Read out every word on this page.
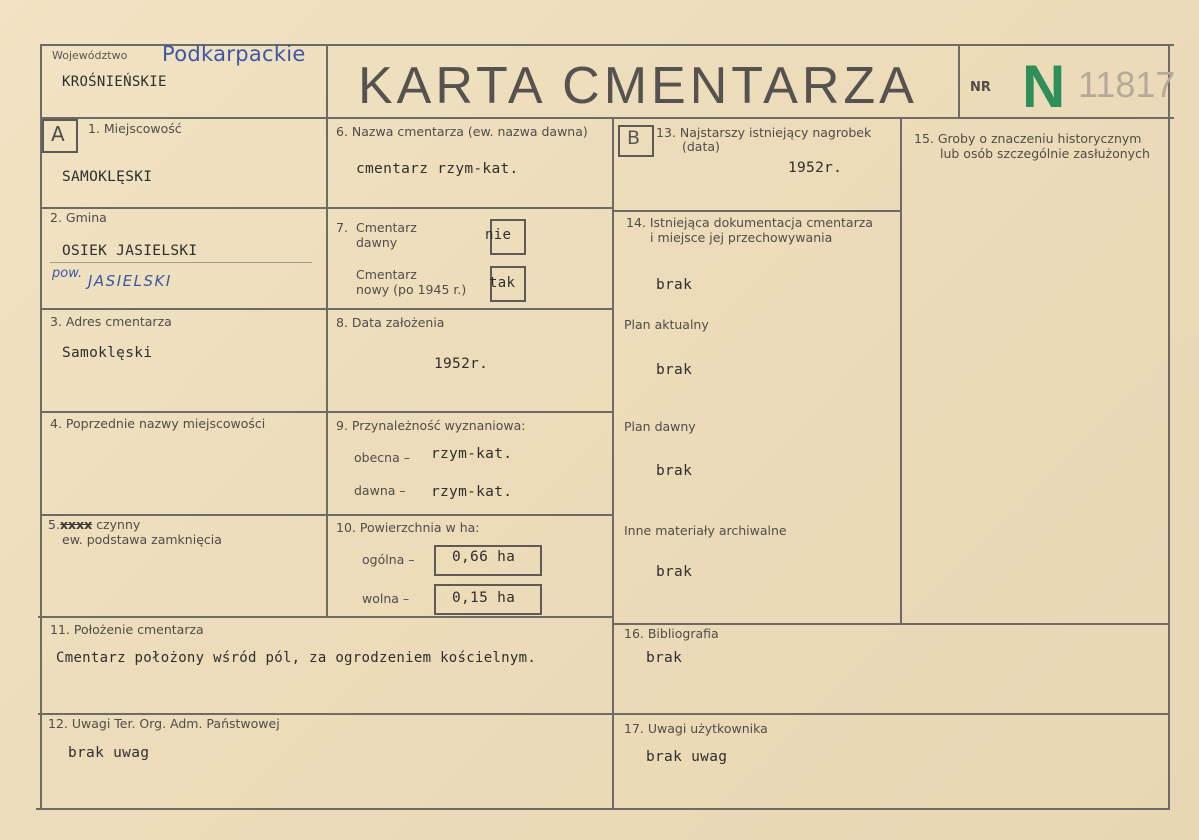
Województwo Podkarpackie
KROŚNIEŃSKIE	KARTA CMENTARZA	NR N 11817
A 1. Miejscowość
SAMOKLĘSKI
2. Gmina
OSIEK JASIELSKI
pow. JASIELSKI
3. Adres cmentarza
Samoklęski
4. Poprzednie nazwy miejscowości
5.xxxx czynny
ew. podstawa zamknięcia
11. Położenie cmentarza
Cmentarz położony wśród pól, za ogrodzeniem kościelnym.
12. Uwagi Ter. Org. Adm. Państwowej
brak uwag
6. Nazwa cmentarza (ew. nazwa dawna)
cmentarz rzym-kat.
7. Cmentarz
dawny	nie
Cmentarz
nowy (po 1945 r.) tak
8. Data założenia
1952r.
9. Przynależność wyznaniowa:
obecna – rzym-kat.
dawna – rzym-kat.
10. Powierzchnia w ha:
ogólna –	0,66 ha
wolna –	0,15 ha
B 13. Najstarszy istniejący nagrobek
(data)
1952r.
14. Istniejąca dokumentacja cmentarza
i miejsce jej przechowywania
brak
Plan aktualny
brak
Plan dawny
brak
Inne materiały archiwalne
brak
16. Bibliografia
brak
17. Uwagi użytkownika
brak uwag
15. Groby o znaczeniu historycznym
lub osób szczególnie zasłużonych
